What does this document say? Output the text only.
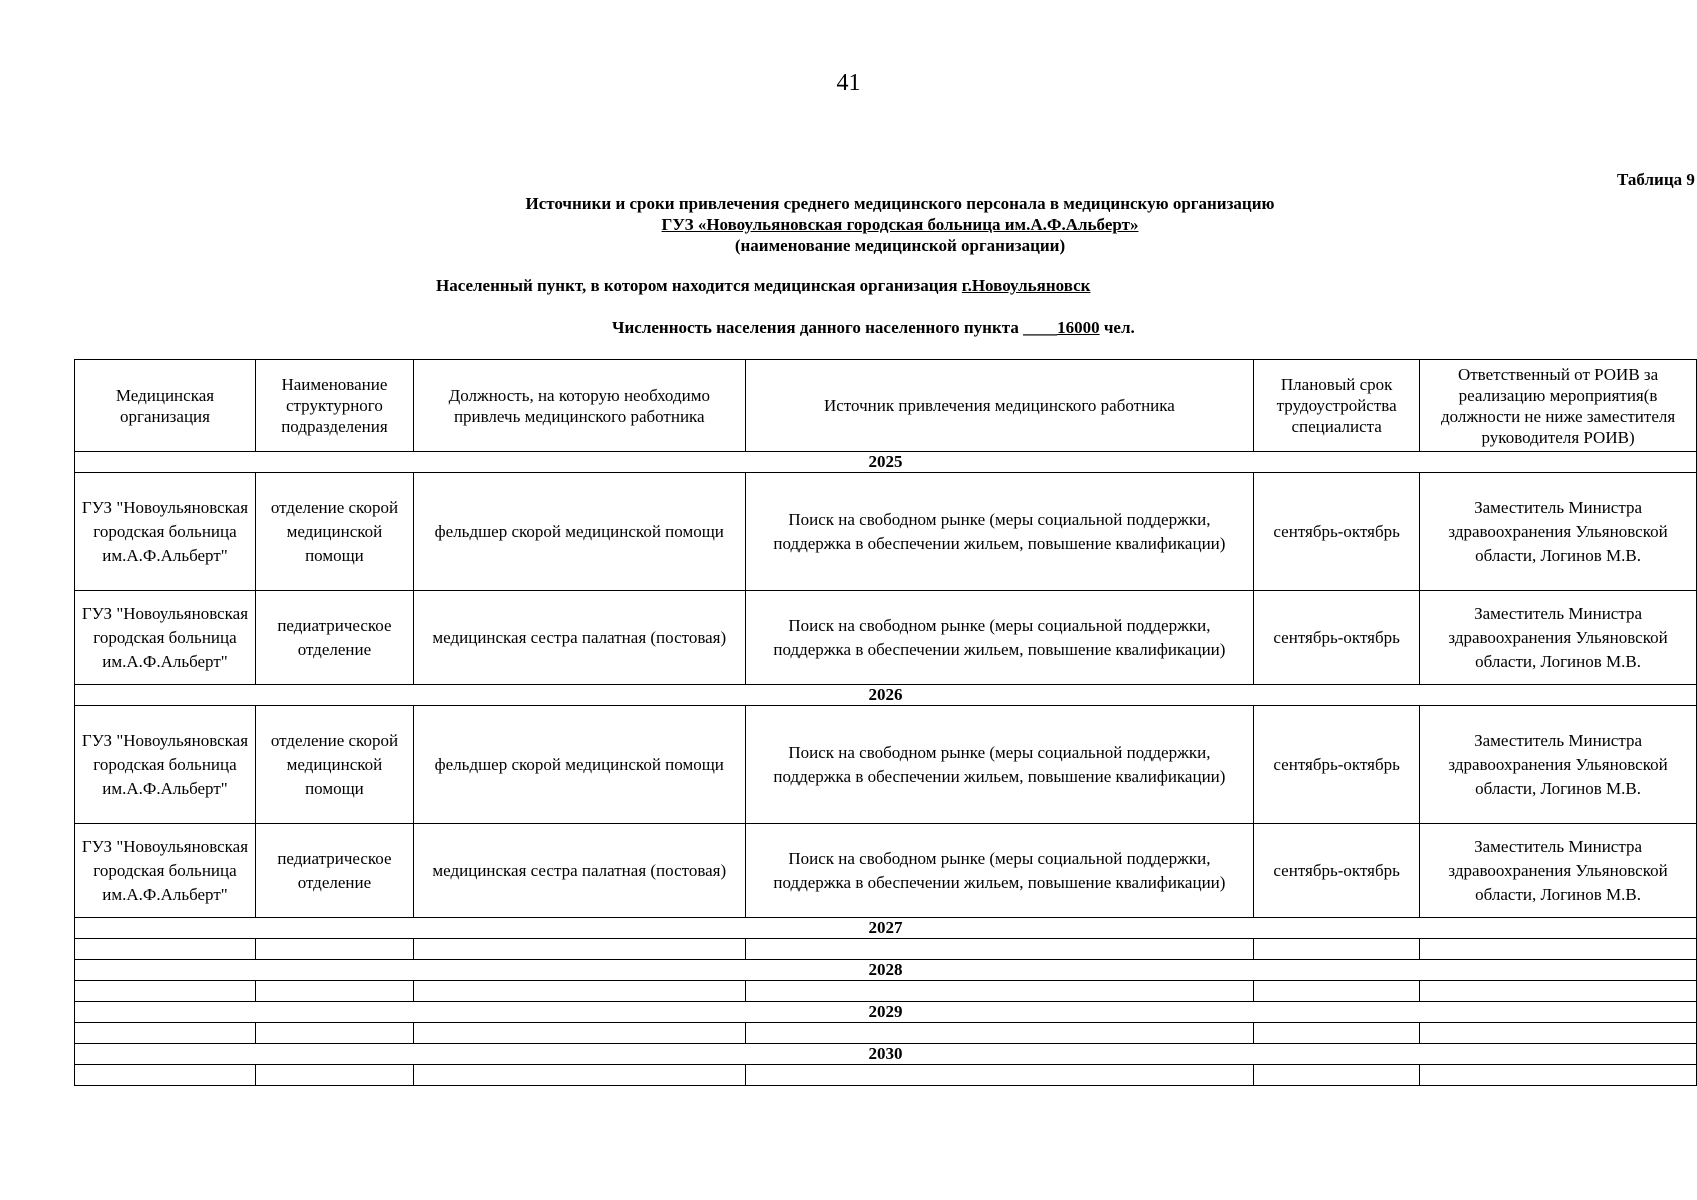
41
Таблица 9
Источники и сроки привлечения среднего медицинского персонала в медицинскую организацию
ГУЗ «Новоульяновская городская больница им.А.Ф.Альберт»
(наименование медицинской организации)
Населенный пункт, в котором находится медицинская организация г.Новоульяновск
Численность населения данного населенного пункта ____16000 чел.
Медицинская организация	Наименование структурного подразделения	Должность, на которую необходимо привлечь медицинского работника	Источник привлечения медицинского работника	Плановый срок трудоустройства специалиста	Ответственный от РОИВ за реализацию мероприятия(в должности не ниже заместителя руководителя РОИВ)
2025					
ГУЗ "Новоульяновская городская больница им.А.Ф.Альберт"	отделение скорой медицинской помощи	фельдшер скорой медицинской помощи	Поиск на свободном рынке (меры социальной поддержки, поддержка в обеспечении жильем, повышение квалификации)	сентябрь-октябрь	Заместитель Министра здравоохранения Ульяновской области, Логинов М.В.
ГУЗ "Новоульяновская городская больница им.А.Ф.Альберт"	педиатрическое отделение	медицинская сестра палатная (постовая)	Поиск на свободном рынке (меры социальной поддержки, поддержка в обеспечении жильем, повышение квалификации)	сентябрь-октябрь	Заместитель Министра здравоохранения Ульяновской области, Логинов М.В.
2026					
ГУЗ "Новоульяновская городская больница им.А.Ф.Альберт"	отделение скорой медицинской помощи	фельдшер скорой медицинской помощи	Поиск на свободном рынке (меры социальной поддержки, поддержка в обеспечении жильем, повышение квалификации)	сентябрь-октябрь	Заместитель Министра здравоохранения Ульяновской области, Логинов М.В.
ГУЗ "Новоульяновская городская больница им.А.Ф.Альберт"	педиатрическое отделение	медицинская сестра палатная (постовая)	Поиск на свободном рынке (меры социальной поддержки, поддержка в обеспечении жильем, повышение квалификации)	сентябрь-октябрь	Заместитель Министра здравоохранения Ульяновской области, Логинов М.В.
2027					

2028					

2029					

2030					
